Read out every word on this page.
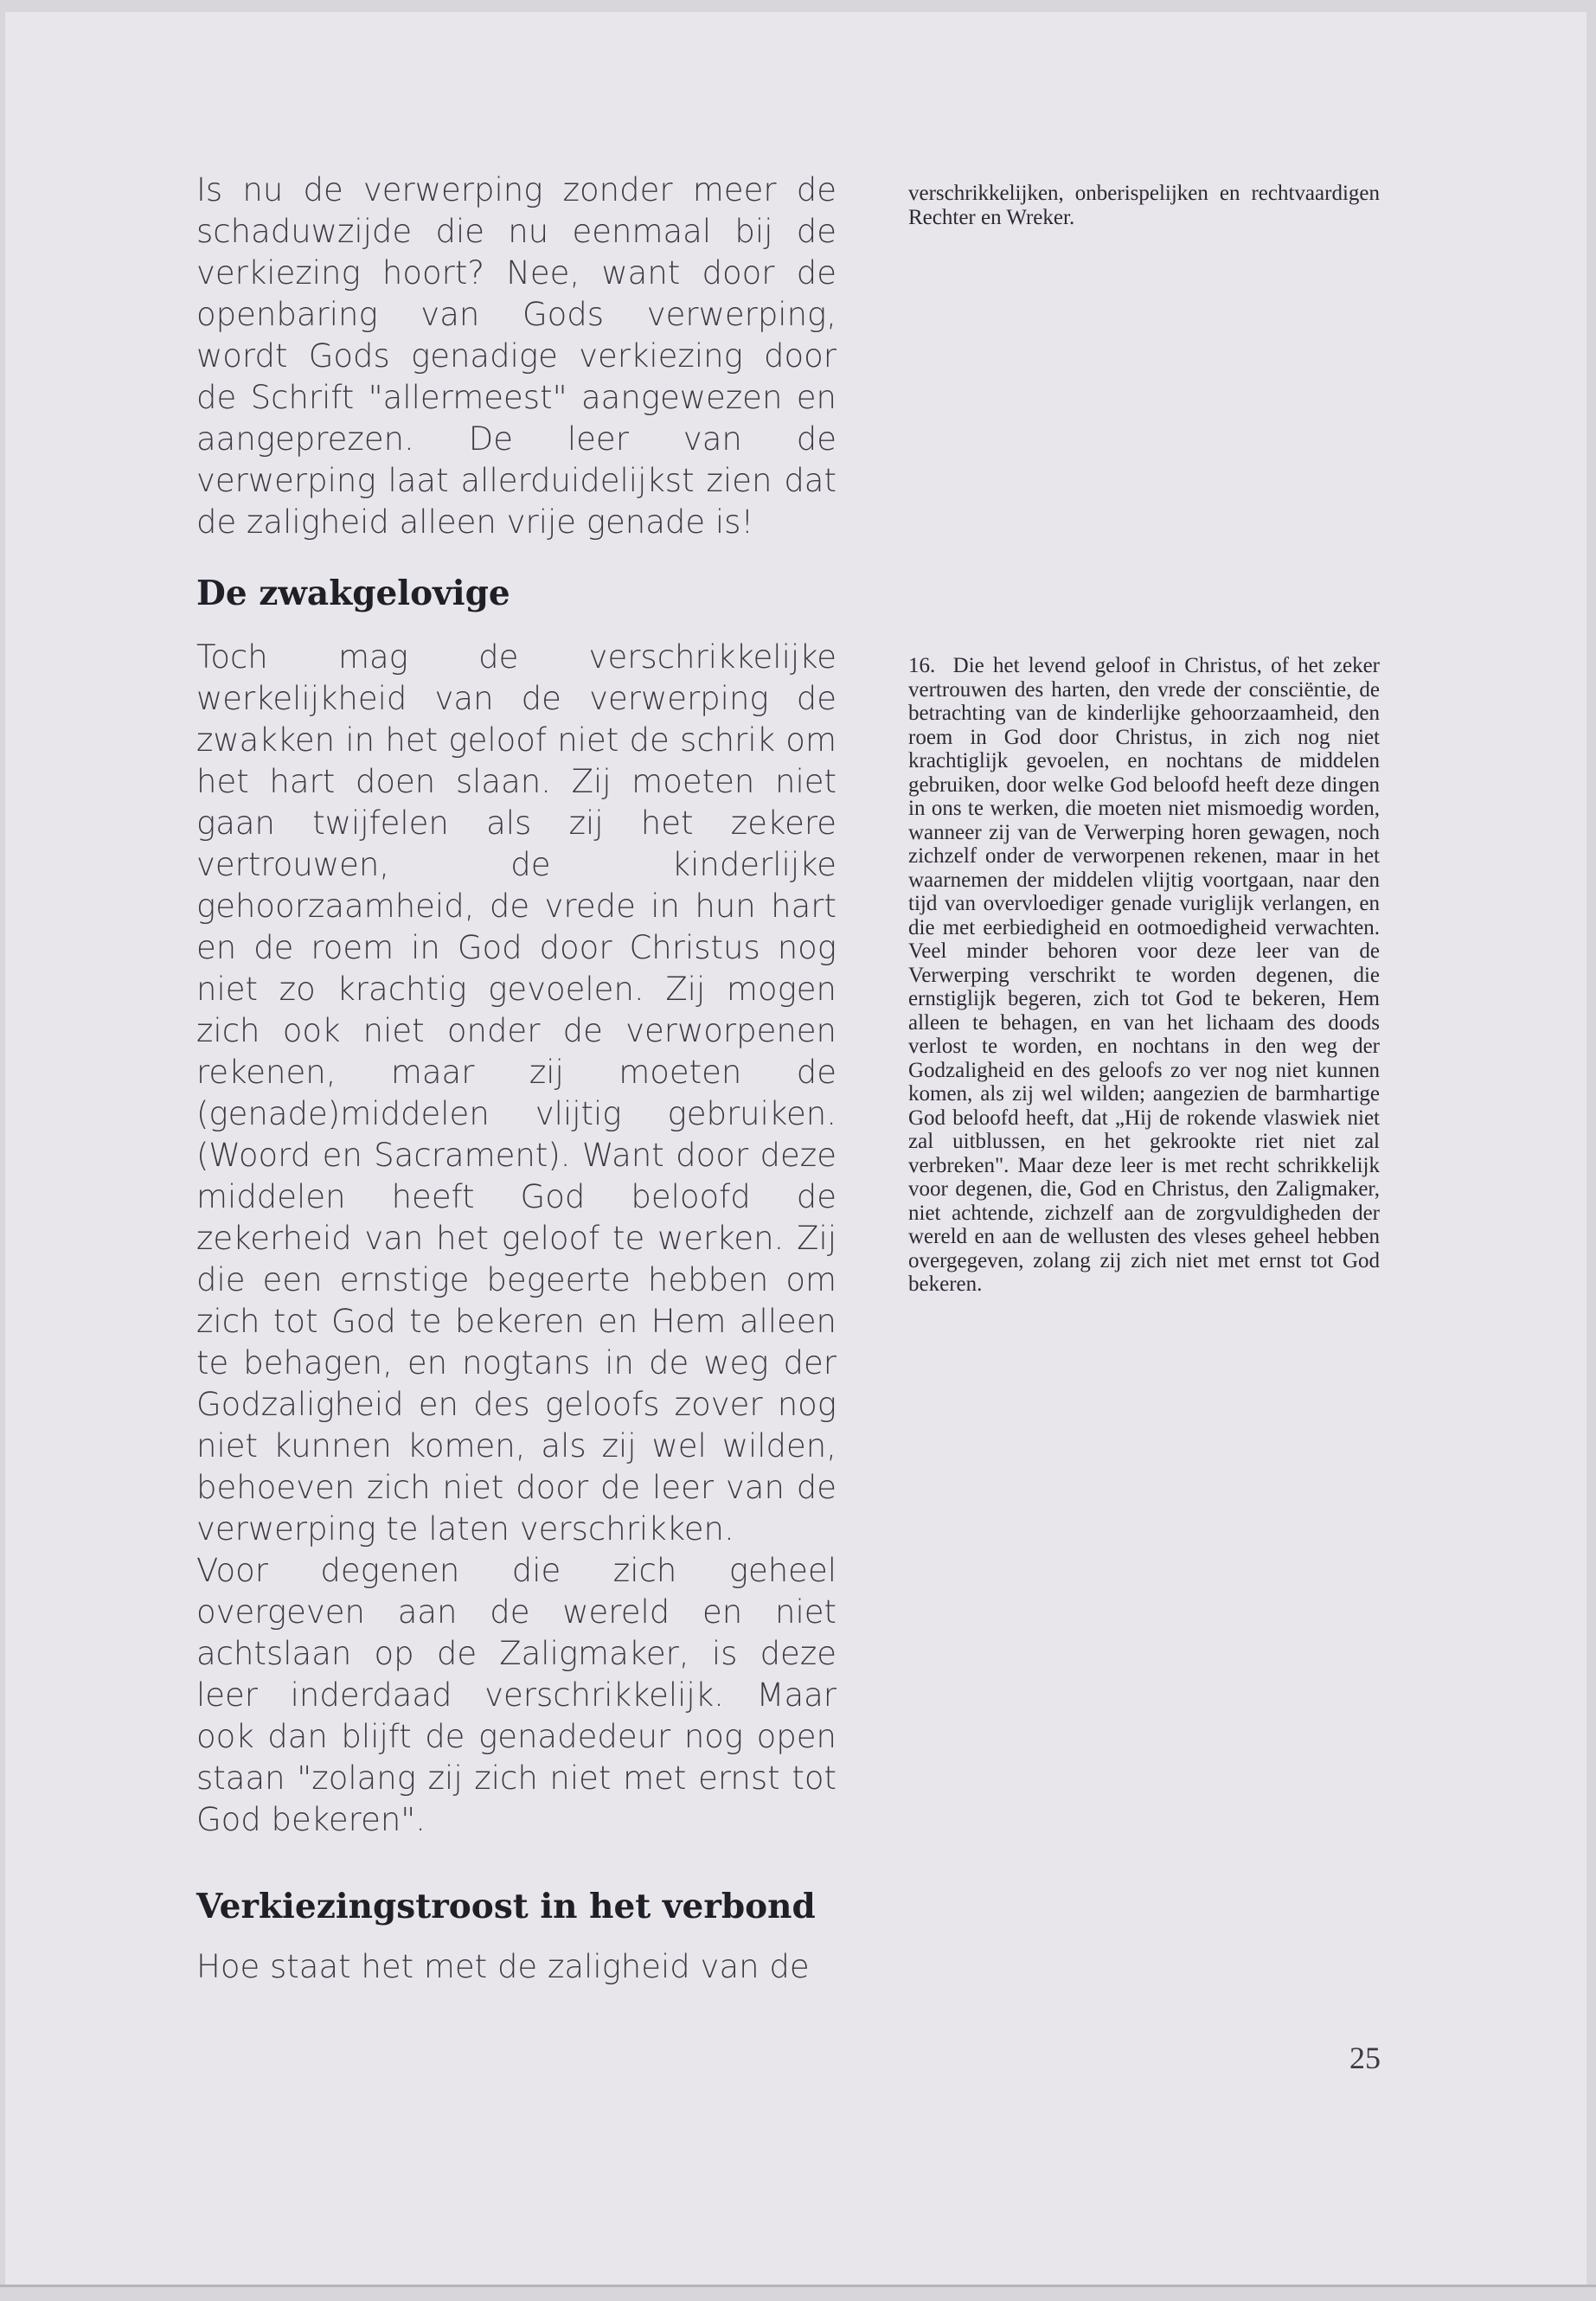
Is nu de verwerping zonder meer de schaduwzijde die nu eenmaal bij de verkiezing hoort? Nee, want door de openbaring van Gods verwerping, wordt Gods genadige verkiezing door de Schrift "allermeest" aangewezen en aangeprezen. De leer van de verwerping laat allerduidelijkst zien dat de zaligheid alleen vrije genade is!

De zwakgelovige

Toch mag de verschrikkelijke werkelijkheid van de verwerping de zwakken in het geloof niet de schrik om het hart doen slaan. Zij moeten niet gaan twijfelen als zij het zekere vertrouwen, de kinderlijke gehoorzaamheid, de vrede in hun hart en de roem in God door Christus nog niet zo krachtig gevoelen. Zij mogen zich ook niet onder de verworpenen rekenen, maar zij moeten de (genade)middelen vlijtig gebruiken. (Woord en Sacrament). Want door deze middelen heeft God beloofd de zekerheid van het geloof te werken. Zij die een ernstige begeerte hebben om zich tot God te bekeren en Hem alleen te behagen, en nogtans in de weg der Godzaligheid en des geloofs zover nog niet kunnen komen, als zij wel wilden, behoeven zich niet door de leer van de verwerping te laten verschrikken.

Voor degenen die zich geheel overgeven aan de wereld en niet achtslaan op de Zaligmaker, is deze leer inderdaad verschrikkelijk. Maar ook dan blijft de genadedeur nog open staan "zolang zij zich niet met ernst tot God bekeren".

Verkiezingstroost in het verbond

Hoe staat het met de zaligheid van de

verschrikkelijken, onberispelijken en rechtvaardigen Rechter en Wreker.

16. Die het levend geloof in Christus, of het zeker vertrouwen des harten, den vrede der consciëntie, de betrachting van de kinderlijke gehoorzaamheid, den roem in God door Christus, in zich nog niet krachtiglijk gevoelen, en nochtans de middelen gebruiken, door welke God beloofd heeft deze dingen in ons te werken, die moeten niet mismoedig worden, wanneer zij van de Verwerping horen gewagen, noch zichzelf onder de verworpenen rekenen, maar in het waarnemen der middelen vlijtig voortgaan, naar den tijd van overvloediger genade vuriglijk verlangen, en die met eerbiedigheid en ootmoedigheid verwachten. Veel minder behoren voor deze leer van de Verwerping verschrikt te worden degenen, die ernstiglijk begeren, zich tot God te bekeren, Hem alleen te behagen, en van het lichaam des doods verlost te worden, en nochtans in den weg der Godzaligheid en des geloofs zo ver nog niet kunnen komen, als zij wel wilden; aangezien de barmhartige God beloofd heeft, dat „Hij de rokende vlaswiek niet zal uitblussen, en het gekrookte riet niet zal verbreken". Maar deze leer is met recht schrikkelijk voor degenen, die, God en Christus, den Zaligmaker, niet achtende, zichzelf aan de zorgvuldigheden der wereld en aan de wellusten des vleses geheel hebben overgegeven, zolang zij zich niet met ernst tot God bekeren.

25
